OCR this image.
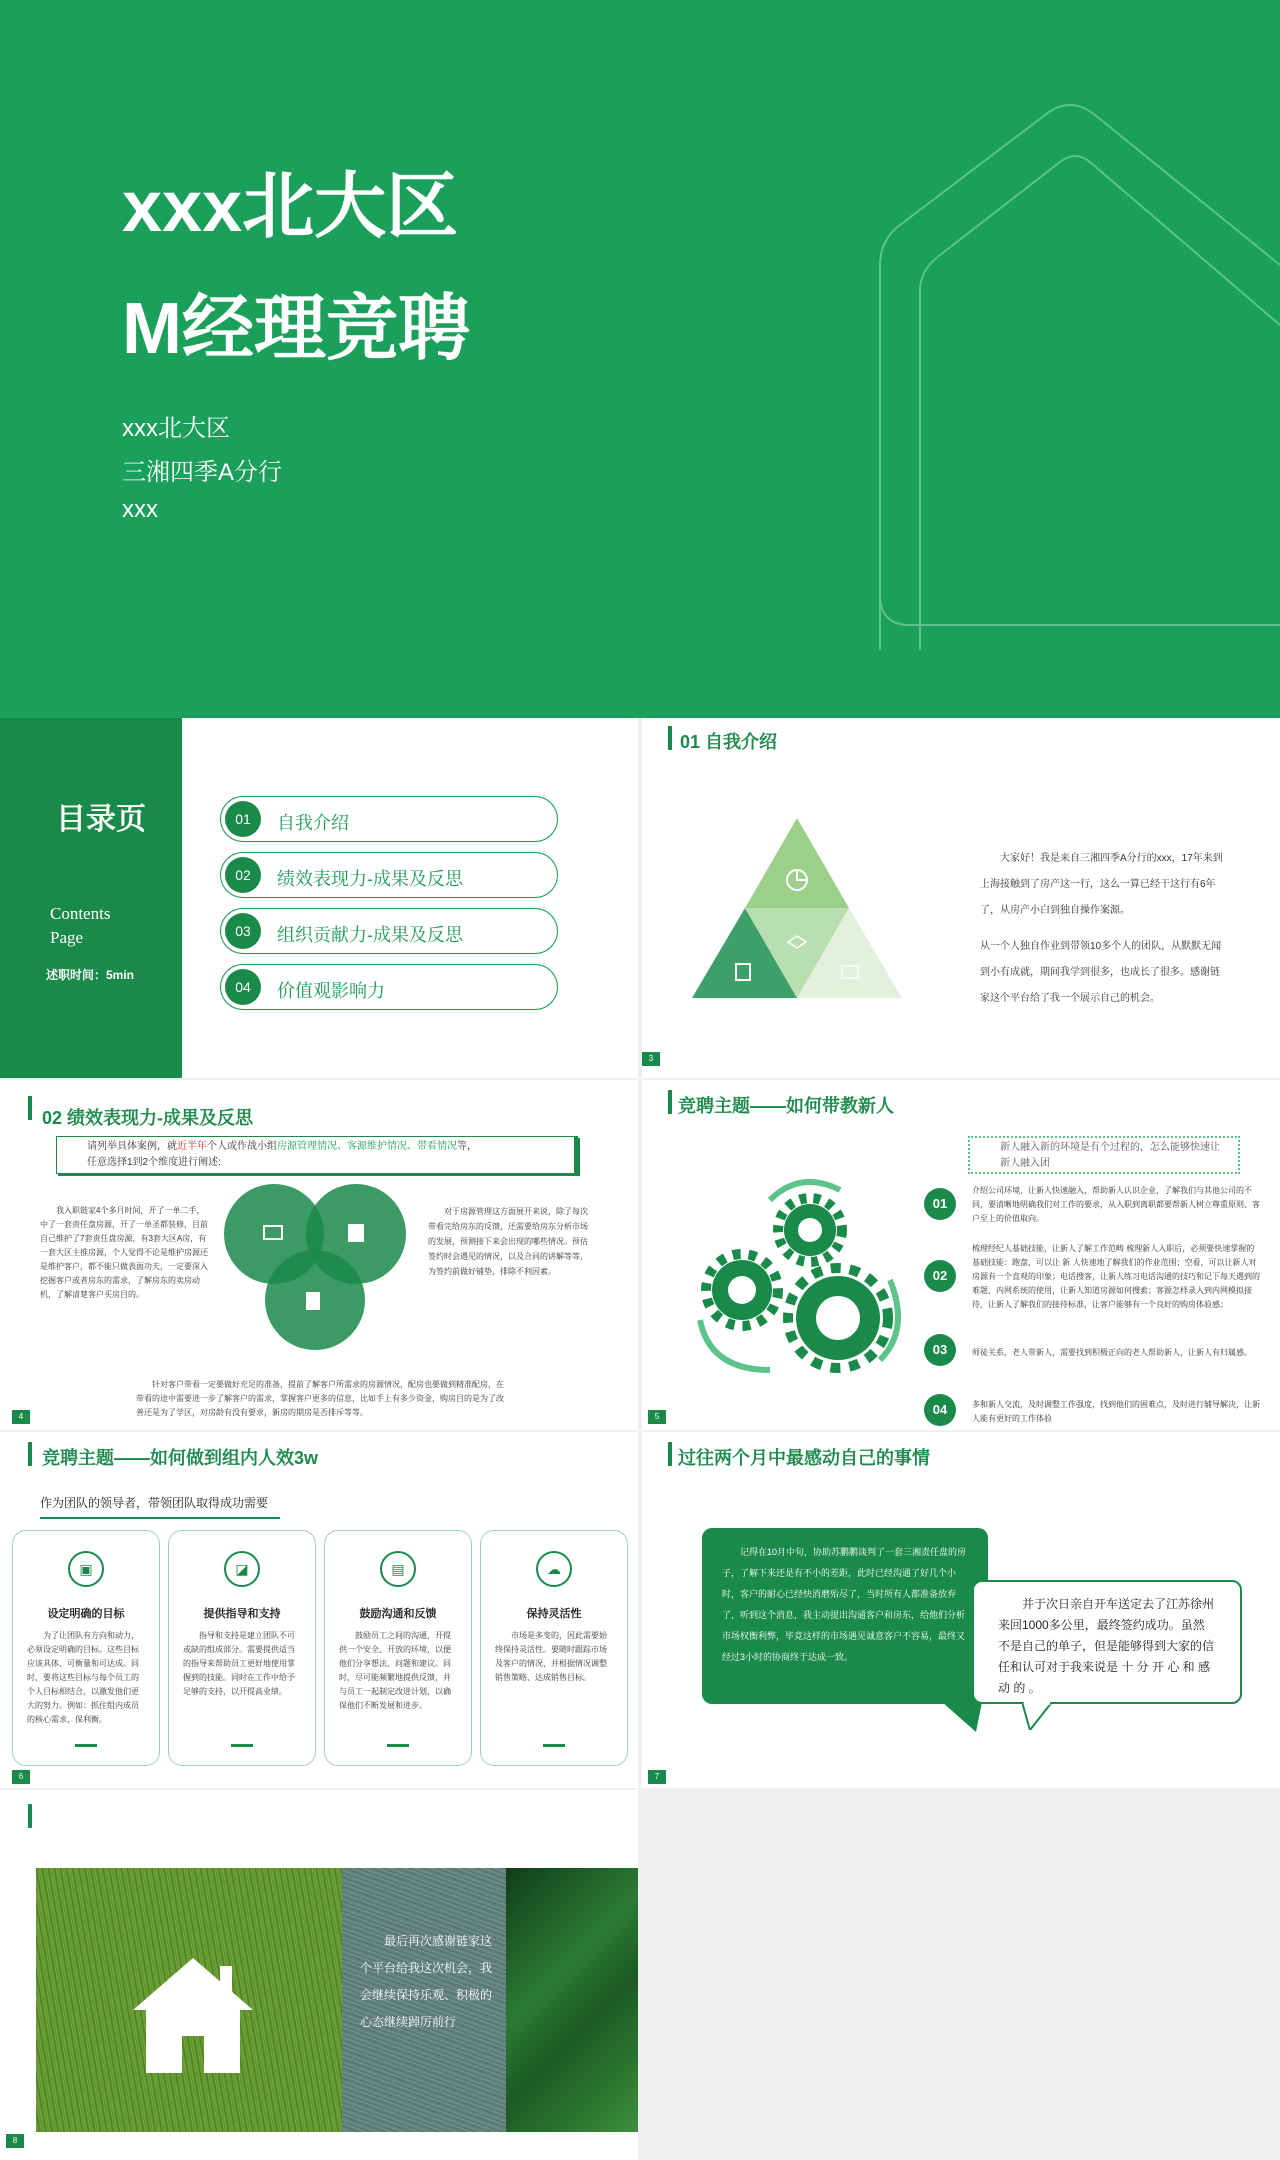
xxx北大区
M经理竞聘
xxx北大区
三湘四季A分行
xxx
目录页
Contents
Page
述职时间：5min
01	自我介绍
02	绩效表现力-成果及反思
03	组织贡献力-成果及反思
04	价值观影响力
01 自我介绍
大家好！我是来自三湘四季A分行的xxx，17年来到上海接触到了房产这一行，这么一算已经干这行有6年了，从房产小白到独自操作案源。
从一个人独自作业到带领10多个人的团队，从默默无闻到小有成就，期间我学到很多，也成长了很多。感谢链家这个平台给了我一个展示自己的机会。
3
02 绩效表现力-成果及反思
请列举具体案例，就近半年个人或作战小组房源管理情况、客源维护情况、带看情况等，
任意选择1到2个维度进行阐述:
我入职链家4个多月时间，开了一单二手，中了一套责任盘房源，开了一单圣都装修，目前自己维护了7套责任盘房源，有3套大区A房，有一套大区主推房源，个人觉得不论是维护房源还是维护客户，都不能只做表面功夫，一定要深入挖掘客户或者房东的需求，了解房东的卖房动机，了解清楚客户买房目的。
对于房源管理这方面展开来说，除了每次带看完给房东的反馈，还需要给房东分析市场的发展，预测接下来会出现的哪些情况。预估签约时会遇见的情况，以及合同的讲解等等，为签约前做好铺垫，排除不利因素。
针对客户带看一定要做好充足的准备，提前了解客户所需求的房源情况，配房也要做到精准配房，在带看的途中需要进一步了解客户的需求，掌握客户更多的信息，比如手上有多少资金，购房目的是为了改善还是为了学区，对房龄有没有要求，新房的期房是否排斥等等。
4
竞聘主题——如何带教新人
新人融入新的环境是有个过程的，怎么能够快速让新人融入团
01
02
03
04
介绍公司环境，让新人快速融入，帮助新人认识企业，了解我们与其他公司的不同，要清晰地明确我们对工作的要求，从入职到离职都要帮新人树立尊重原则、客户至上的价值取向。
梳理经纪人基础技能，让新人了解工作范畴 梳理新人入职后，必须要快速掌握的基础技能：跑盘，可以让 新 人快速地了解我们的作业范围；空看，可以让新人对房源有一个直观的印象；电话搜客，让新人练习电话沟通的技巧和记下每天遇到的难题，内网系统的使用，让新人知道房源如何搜索；客源怎样录入到内网模拟接待，让新人了解我们的接待标准，让客户能够有一个良好的购房体验感；
师徒关系，老人带新人，需要找到积极正向的老人帮助新人，让新人有归属感。
多和新人交流，及时调整工作强度，找到他们的困难点，及时进行辅导解决，让新人能有更好的工作体验
5
竞聘主题——如何做到组内人效3w
作为团队的领导者，带领团队取得成功需要
▣
设定明确的目标
为了让团队有方向和动力，必须设定明确的目标。这些目标应该具体、可衡量和可达成。同时，要将这些目标与每个员工的个人目标相结合，以激发他们更大的努力。例如：抓住组内成员的核心需求，保利衡。
◪
提供指导和支持
指导和支持是建立团队不可或缺的组成部分。需要提供适当的指导来帮助员工更好地使用掌握到的技能。同时在工作中给予足够的支持，以开提高业绩。
▤
鼓励沟通和反馈
鼓励员工之间的沟通，开提供一个安全、开放的环境，以便他们分享想法、问题和建议。同时，尽可能频繁地提供反馈，并与员工一起制定改进计划，以确保他们不断发展和进步。
☁
保持灵活性
市场是多变的，因此需要始终保持灵活性。要随时跟踪市场及客户的情况，并根据情况调整销售策略、达成销售目标。
6
过往两个月中最感动自己的事情
记得在10月中旬，协助苏鹏鹏谈判了一套三湘责任盘的房子，了解下来还是有不小的差距，此时已经沟通了好几个小时，客户的耐心已经快消磨殆尽了，当时所有人都准备放弃了，听到这个消息，我主动提出沟通客户和房东，给他们分析市场权衡利弊，毕竟这样的市场遇见诚意客户不容易，最终又经过3小时的协商终于达成一致。
并于次日亲自开车送定去了江苏徐州来回1000多公里，最终签约成功。虽然不是自己的单子，但是能够得到大家的信任和认可对于我来说是 十 分 开 心 和 感 动 的 。
7
最后再次感谢链家这个平台给我这次机会，我会继续保持乐观、积极的心态继续踔厉前行
8
